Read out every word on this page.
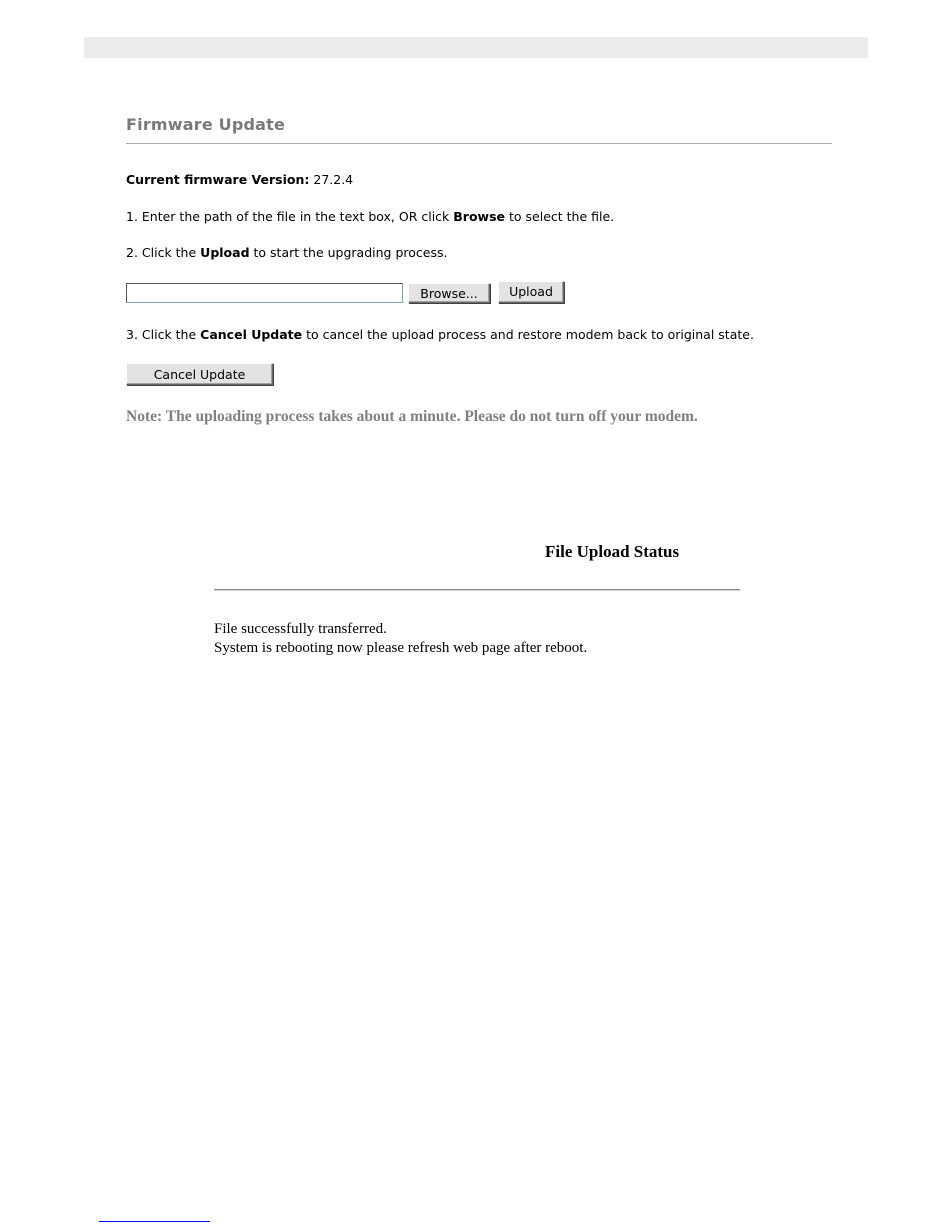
Firmware Update
Current firmware Version: 27.2.4
1. Enter the path of the file in the text box, OR click Browse to select the file.
2. Click the Upload to start the upgrading process.
Browse...	Upload
3. Click the Cancel Update to cancel the upload process and restore modem back to original state.
Cancel Update
Note: The uploading process takes about a minute. Please do not turn off your modem.
File Upload Status
File successfully transferred.
System is rebooting now please refresh web page after reboot.
